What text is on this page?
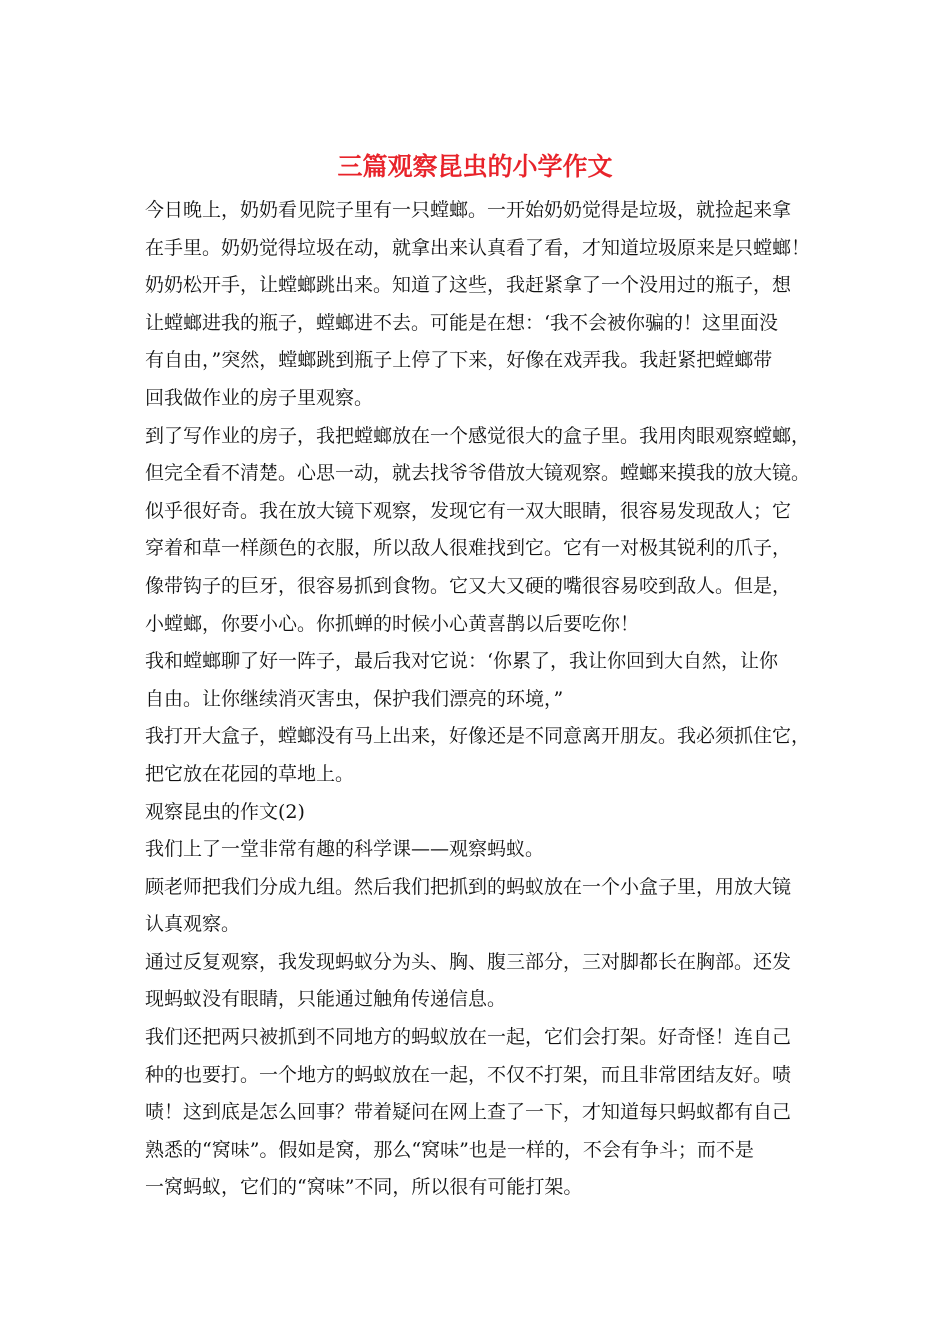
三篇观察昆虫的小学作文
今日晚上，奶奶看见院子里有一只螳螂。一开始奶奶觉得是垃圾，就捡起来拿
在手里。奶奶觉得垃圾在动，就拿出来认真看了看，才知道垃圾原来是只螳螂！
奶奶松开手，让螳螂跳出来。知道了这些，我赶紧拿了一个没用过的瓶子，想
让螳螂进我的瓶子，螳螂进不去。可能是在想：‘我不会被你骗的！这里面没
有自由，”突然，螳螂跳到瓶子上停了下来，好像在戏弄我。我赶紧把螳螂带
回我做作业的房子里观察。
到了写作业的房子，我把螳螂放在一个感觉很大的盒子里。我用肉眼观察螳螂，
但完全看不清楚。心思一动，就去找爷爷借放大镜观察。螳螂来摸我的放大镜。
似乎很好奇。我在放大镜下观察，发现它有一双大眼睛，很容易发现敌人；它
穿着和草一样颜色的衣服，所以敌人很难找到它。它有一对极其锐利的爪子，
像带钩子的巨牙，很容易抓到食物。它又大又硬的嘴很容易咬到敌人。但是，
小螳螂，你要小心。你抓蝉的时候小心黄喜鹊以后要吃你！
我和螳螂聊了好一阵子，最后我对它说：‘你累了，我让你回到大自然，让你
自由。让你继续消灭害虫，保护我们漂亮的环境，”
我打开大盒子，螳螂没有马上出来，好像还是不同意离开朋友。我必须抓住它，
把它放在花园的草地上。
观察昆虫的作文(2)
我们上了一堂非常有趣的科学课——观察蚂蚁。
顾老师把我们分成九组。然后我们把抓到的蚂蚁放在一个小盒子里，用放大镜
认真观察。
通过反复观察，我发现蚂蚁分为头、胸、腹三部分，三对脚都长在胸部。还发
现蚂蚁没有眼睛，只能通过触角传递信息。
我们还把两只被抓到不同地方的蚂蚁放在一起，它们会打架。好奇怪！连自己
种的也要打。一个地方的蚂蚁放在一起，不仅不打架，而且非常团结友好。啧
啧！这到底是怎么回事？带着疑问在网上查了一下，才知道每只蚂蚁都有自己
熟悉的“窝味”。假如是窝，那么“窝味”也是一样的，不会有争斗；而不是
一窝蚂蚁，它们的“窝味”不同，所以很有可能打架。
